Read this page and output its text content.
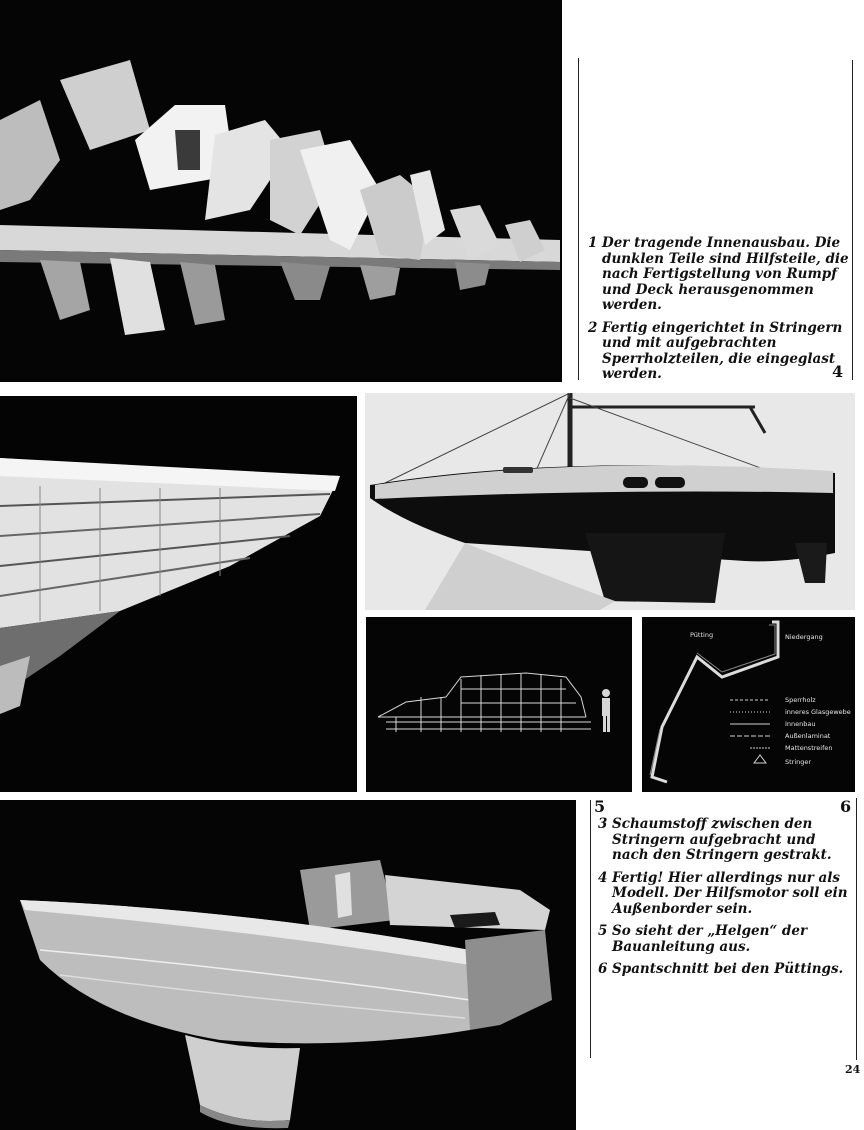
1 Der tragende Innenausbau. Die dunklen Teile sind Hilfsteile, die nach Fertigstellung von Rumpf und Deck herausgenommen werden.
2 Fertig eingerichtet in Stringern und mit aufgebrachten Sperrholzteilen, die eingeglast werden.	4
Pütting	Niedergang
Sperrholz
inneres Glasgewebe
Innenbau
Außenlaminat
Mattenstreifen
Stringer
5	6
3 Schaumstoff zwischen den Stringern aufgebracht und nach den Stringern gestrakt.
4 Fertig! Hier allerdings nur als Modell. Der Hilfsmotor soll ein Außenborder sein.
5 So sieht der „Helgen“ der Bauanleitung aus.
6 Spantschnitt bei den Püttings.
24
